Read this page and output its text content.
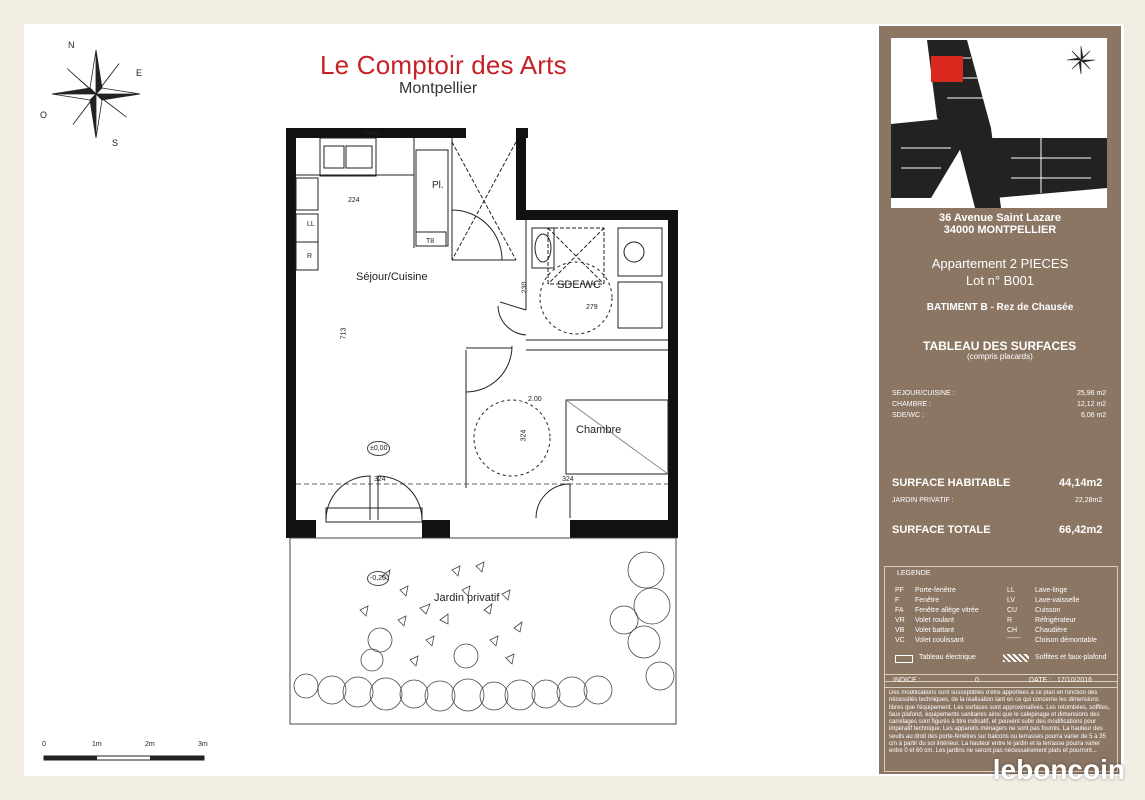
N
E
S
O
Le Comptoir des Arts
Montpellier
Séjour/Cuisine
SDE/WC
Chambre
Jardin privatif
Pl.
224
713
324
324
324
230
279
2.00
70 bas
LL
R
T8
±0,00
-0,20
0	1m	2m	3m
36 Avenue Saint Lazare
34000 MONTPELLIER
Appartement 2 PIECES
Lot n° B001
BATIMENT B - Rez de Chausée
TABLEAU DES SURFACES
(compris placards)
SEJOUR/CUISINE :	25,96 m2
CHAMBRE :	12,12 m2
SDE/WC :	6,06 m2
SURFACE HABITABLE	44,14m2
JARDIN PRIVATIF :	22,28m2
SURFACE TOTALE	66,42m2
LEGENDE
PF Porte-fenêtre
F Fenêtre
FA Fenêtre allège vitrée
VR Volet roulant
VB Volet battant
VC Volet coulissant
LL	Lave-linge
LV	Lave-vaisselle
CU	Cuisson
R	Réfrigérateur
CH	Chaudière
- - - - - - Cloison démontable
Tableau électrique	Soffites et faux-plafond
INDICE :	0	DATE : 17/10/2016
Des modifications sont susceptibles d'être apportées à ce plan en fonction des nécessités techniques, de la réalisation tant en ce qui concerne les dimensions libres que l'équipement. Les surfaces sont approximatives. Les retombées, soffites, faux plafond, équipements sanitaires ainsi que le calepinage et dimensions des carrelages sont figurés à titre indicatif, et peuvent subir des modifications pour impératif technique. Les appareils ménagers ne sont pas fournis. La hauteur des seuils au droit des porte-fenêtres sur balcons ou terrasses pourra varier de 5 à 35 cm à partir du sol intérieur. La hauteur entre le jardin et la terrasse pourra varier entre 0 et 60 cm. Les jardins ne seront pas nécessairement plats et pourront...
leboncoin
